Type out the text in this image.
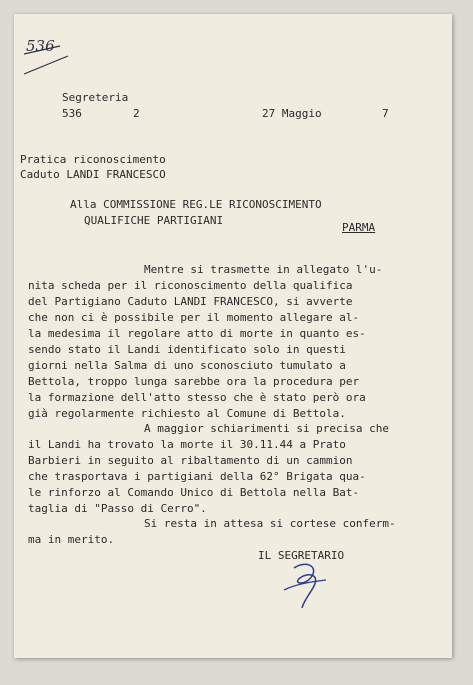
536
Segreteria
536	2	27 Maggio	7
Pratica riconoscimento
Caduto LANDI FRANCESCO
Alla COMMISSIONE REG.LE RICONOSCIMENTO
QUALIFICHE PARTIGIANI
PARMA
Mentre si trasmette in allegato l'u-
nita scheda per il riconoscimento della qualifica
del Partigiano Caduto LANDI FRANCESCO, si avverte
che non ci è possibile per il momento allegare al-
la medesima il regolare atto di morte in quanto es-
sendo stato il Landi identificato solo in questi
giorni nella Salma di uno sconosciuto tumulato a
Bettola, troppo lunga sarebbe ora la procedura per
la formazione dell'atto stesso che è stato però ora
già regolarmente richiesto al Comune di Bettola.
A maggior schiarimenti si precisa che
il Landi ha trovato la morte il 30.11.44 a Prato
Barbieri in seguito al ribaltamento di un cammion
che trasportava i partigiani della 62° Brigata qua-
le rinforzo al Comando Unico di Bettola nella Bat-
taglia di "Passo di Cerro".
Si resta in attesa si cortese conferm-
ma in merito.
IL SEGRETARIO
